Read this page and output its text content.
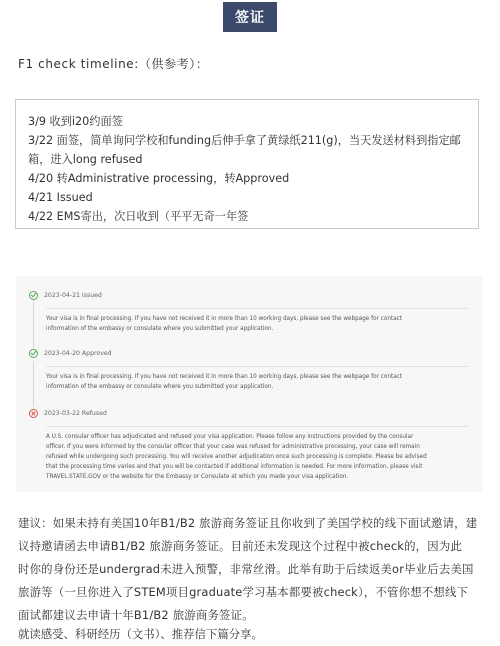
签证

F1 check timeline:（供参考）：

3/9 收到i20约面签

3/22 面签，简单询问学校和funding后伸手拿了黄绿纸211(g)，当天发送材料到指定邮

箱，进入long refused

4/20 转Administrative processing，转Approved

4/21 Issued

4/22 EMS寄出，次日收到（平平无奇一年签

2023-04-21 Issued
Your visa is in final processing. If you have not received it in more than 10 working days, please see the webpage for contact
information of the embassy or consulate where you submitted your application.
2023-04-20 Approved
Your visa is in final processing. If you have not received it in more than 10 working days, please see the webpage for contact
information of the embassy or consulate where you submitted your application.
2023-03-22 Refused
A U.S. consular officer has adjudicated and refused your visa application. Please follow any instructions provided by the consular
officer. If you were informed by the consular officer that your case was refused for administrative processing, your case will remain
refused while undergoing such processing. You will receive another adjudication once such processing is complete. Please be advised
that the processing time varies and that you will be contacted if additional information is needed. For more information, please visit
TRAVEL.STATE.GOV or the website for the Embassy or Consulate at which you made your visa application.
建议：如果未持有美国10年B1/B2 旅游商务签证且你收到了美国学校的线下面试邀请，建
议持邀请函去申请B1/B2 旅游商务签证。目前还未发现这个过程中被check的，因为此
时你的身份还是undergrad未进入预警，非常丝滑。此举有助于后续返美or毕业后去美国
旅游等（一旦你进入了STEM项目graduate学习基本都要被check），不管你想不想线下
面试都建议去申请十年B1/B2 旅游商务签证。

就读感受、科研经历（文书）、推荐信下篇分享。
